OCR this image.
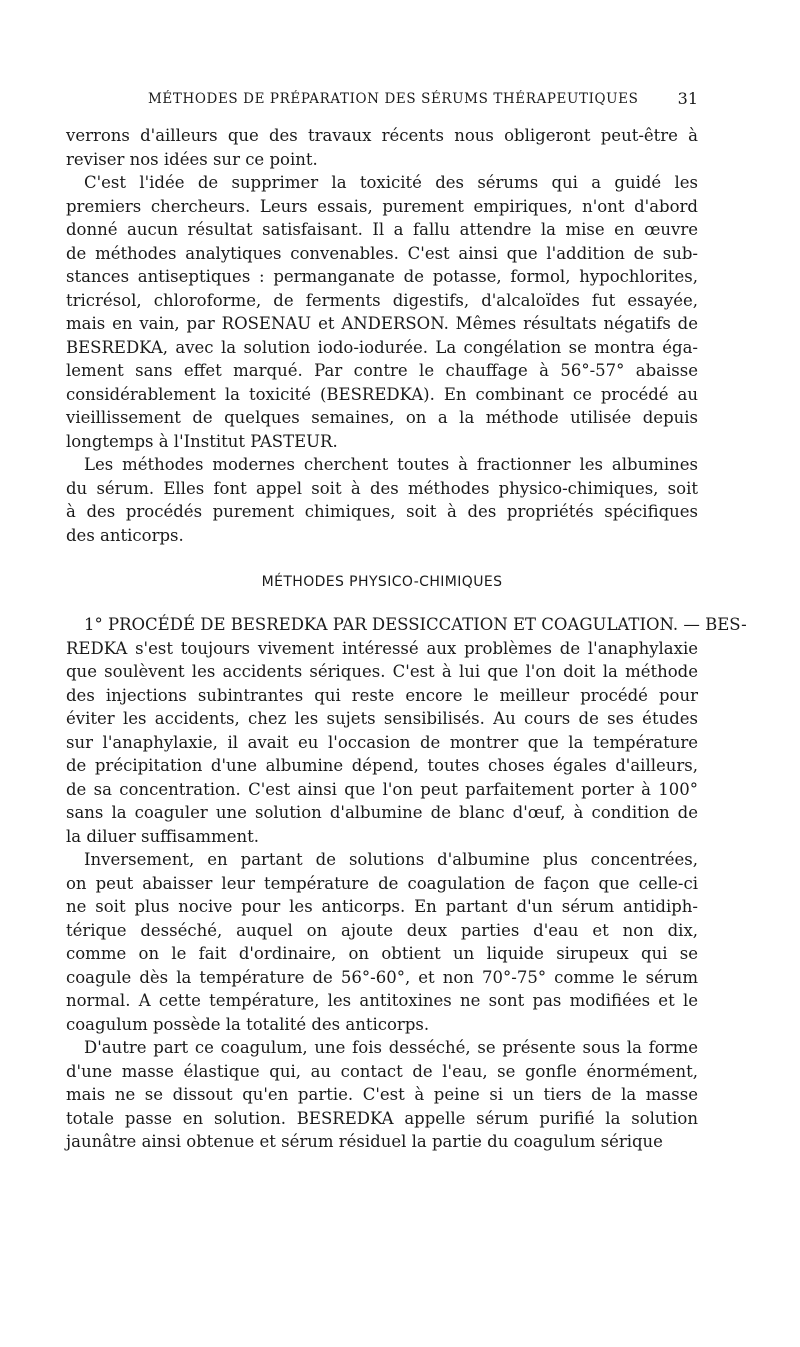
MÉTHODES DE PRÉPARATION DES SÉRUMS THÉRAPEUTIQUES	31
verrons d'ailleurs que des travaux récents nous obligeront peut-être à
reviser nos idées sur ce point.
C'est l'idée de supprimer la toxicité des sérums qui a guidé les
premiers chercheurs. Leurs essais, purement empiriques, n'ont d'abord
donné aucun résultat satisfaisant. Il a fallu attendre la mise en œuvre
de méthodes analytiques convenables. C'est ainsi que l'addition de sub-
stances antiseptiques : permanganate de potasse, formol, hypochlorites,
tricrésol, chloroforme, de ferments digestifs, d'alcaloïdes fut essayée,
mais en vain, par ROSENAU et ANDERSON. Mêmes résultats négatifs de
BESREDKA, avec la solution iodo-iodurée. La congélation se montra éga-
lement sans effet marqué. Par contre le chauffage à 56°-57° abaisse
considérablement la toxicité (BESREDKA). En combinant ce procédé au
vieillissement de quelques semaines, on a la méthode utilisée depuis
longtemps à l'Institut PASTEUR.
Les méthodes modernes cherchent toutes à fractionner les albumines
du sérum. Elles font appel soit à des méthodes physico-chimiques, soit
à des procédés purement chimiques, soit à des propriétés spécifiques
des anticorps.
MÉTHODES PHYSICO-CHIMIQUES
1° PROCÉDÉ DE BESREDKA PAR DESSICCATION ET COAGULATION. — BES-
REDKA s'est toujours vivement intéressé aux problèmes de l'anaphylaxie
que soulèvent les accidents sériques. C'est à lui que l'on doit la méthode
des injections subintrantes qui reste encore le meilleur procédé pour
éviter les accidents, chez les sujets sensibilisés. Au cours de ses études
sur l'anaphylaxie, il avait eu l'occasion de montrer que la température
de précipitation d'une albumine dépend, toutes choses égales d'ailleurs,
de sa concentration. C'est ainsi que l'on peut parfaitement porter à 100°
sans la coaguler une solution d'albumine de blanc d'œuf, à condition de
la diluer suffisamment.
Inversement, en partant de solutions d'albumine plus concentrées,
on peut abaisser leur température de coagulation de façon que celle-ci
ne soit plus nocive pour les anticorps. En partant d'un sérum antidiph-
térique desséché, auquel on ajoute deux parties d'eau et non dix,
comme on le fait d'ordinaire, on obtient un liquide sirupeux qui se
coagule dès la température de 56°-60°, et non 70°-75° comme le sérum
normal. A cette température, les antitoxines ne sont pas modifiées et le
coagulum possède la totalité des anticorps.
D'autre part ce coagulum, une fois desséché, se présente sous la forme
d'une masse élastique qui, au contact de l'eau, se gonfle énormément,
mais ne se dissout qu'en partie. C'est à peine si un tiers de la masse
totale passe en solution. BESREDKA appelle sérum purifié la solution
jaunâtre ainsi obtenue et sérum résiduel la partie du coagulum sérique
